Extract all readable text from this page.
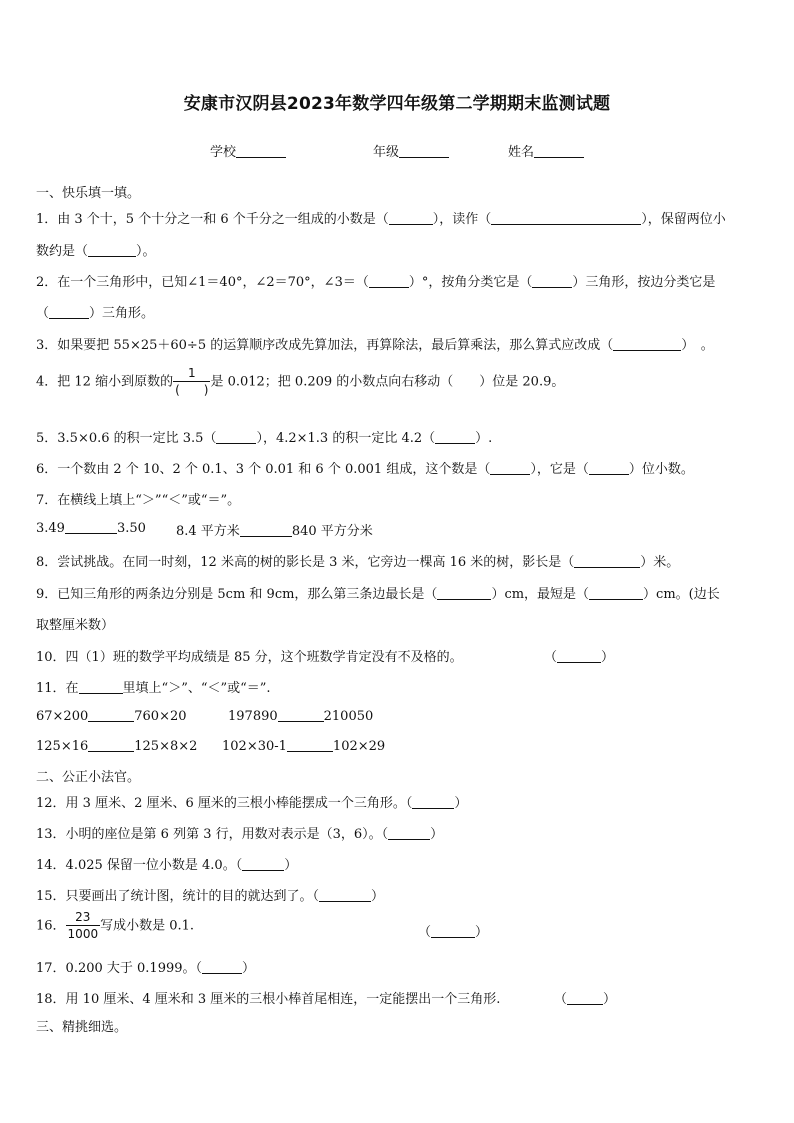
安康市汉阴县2023年数学四年级第二学期期末监测试题
学校	年级	姓名
一、快乐填一填。
1．由 3 个十，5 个十分之一和 6 个千分之一组成的小数是（	），读作（	），保留两位小
数约是（	）。
2．在一个三角形中，已知∠1＝40°，∠2＝70°，∠3＝（	）°，按角分类它是（	）三角形，按边分类它是
（	）三角形。
3．如果要把 55×25＋60÷5 的运算顺序改成先算加法，再算除法，最后算乘法，那么算式应改成（	）　。
4．把 12 缩小到原数的 $\frac{1}{( )}$ 是 0.012；把 0.209 的小数点向右移动（　　）位是 20.9。
5．3.5×0.6 的积一定比 3.5（	），4.2×1.3 的积一定比 4.2（	）.
6．一个数由 2 个 10、2 个 0.1、3 个 0.01 和 6 个 0.001 组成，这个数是（	），它是（	）位小数。
7．在横线上填上“＞”“＜”或“＝”。
3.49	3.50 8.4 平方米	840 平方分米
8．尝试挑战。在同一时刻，12 米高的树的影长是 3 米，它旁边一棵高 16 米的树，影长是（	）米。
9．已知三角形的两条边分别是 5cm 和 9cm，那么第三条边最长是（	）cm，最短是（	）cm。(边长
取整厘米数）
10．四（1）班的数学平均成绩是 85 分，这个班数学肯定没有不及格的。	（	）
11．在	里填上“＞”、“＜”或“＝”.
67×200	760×20	197890	210050
125×16	125×8×2 102×30-1	102×29
二、公正小法官。
12．用 3 厘米、2 厘米、6 厘米的三根小棒能摆成一个三角形。（	）
13．小明的座位是第 6 列第 3 行，用数对表示是（3，6）。（	）
14．4.025 保留一位小数是 4.0。（	）
15．只要画出了统计图，统计的目的就达到了。（	）
16． $\frac{23}{1000}$ 写成小数是 0.1.	（	）
17．0.200 大于 0.1999。（	）
18．用 10 厘米、4 厘米和 3 厘米的三根小棒首尾相连，一定能摆出一个三角形.	（	）
三、精挑细选。
